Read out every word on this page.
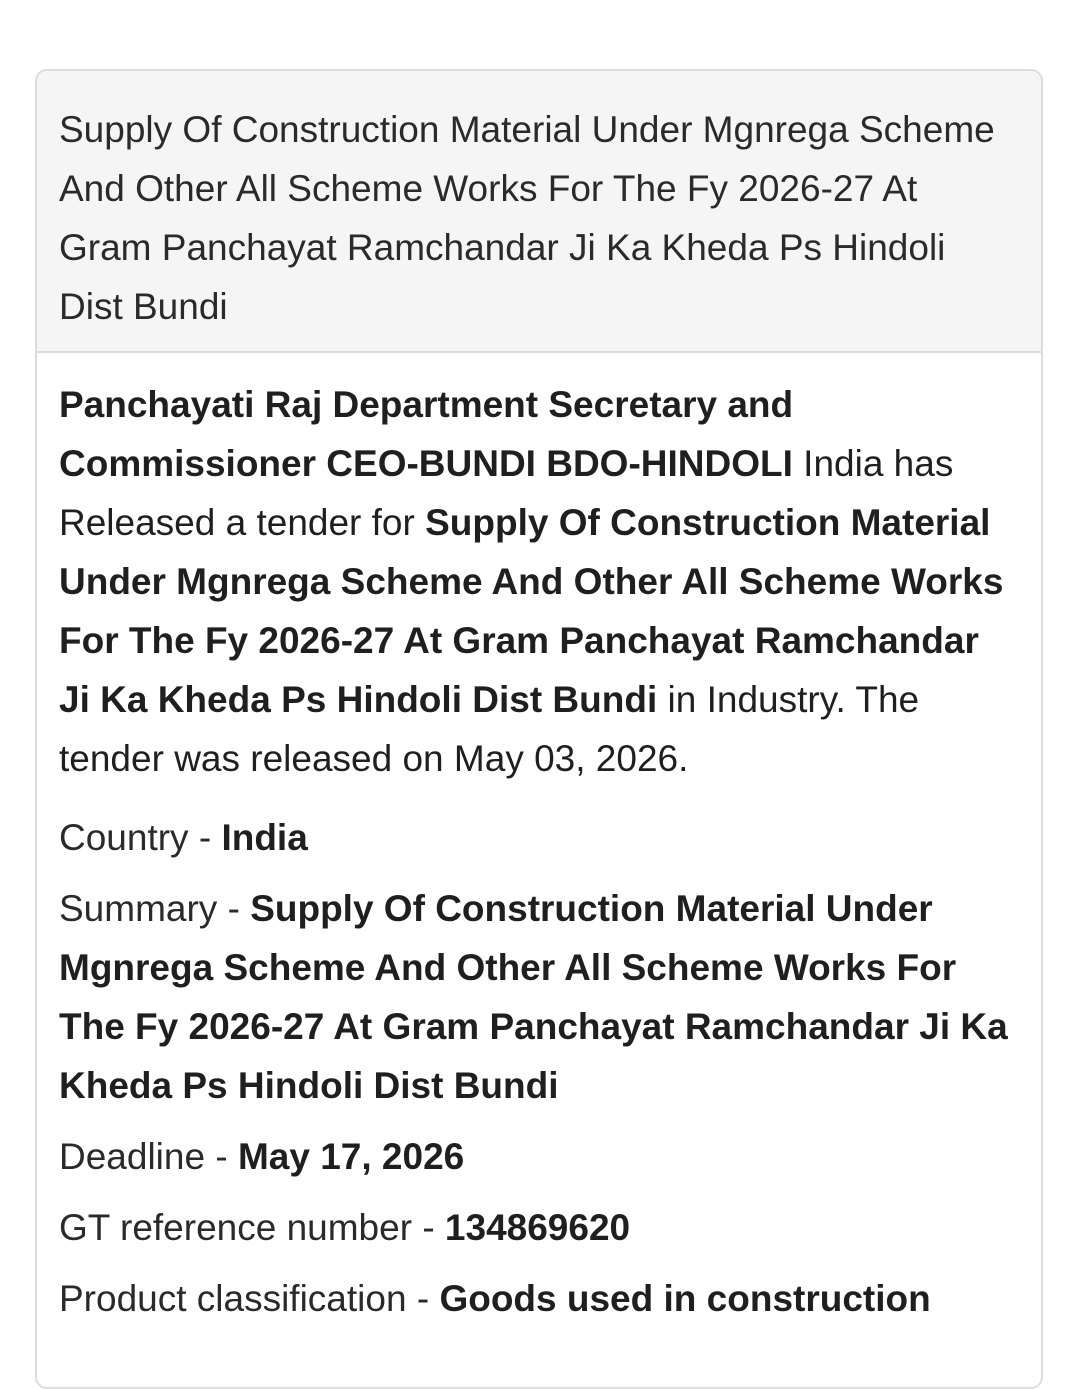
Supply Of Construction Material Under Mgnrega Scheme And Other All Scheme Works For The Fy 2026-27 At Gram Panchayat Ramchandar Ji Ka Kheda Ps Hindoli Dist Bundi

Panchayati Raj Department Secretary and Commissioner CEO-BUNDI BDO-HINDOLI India has Released a tender for Supply Of Construction Material Under Mgnrega Scheme And Other All Scheme Works For The Fy 2026-27 At Gram Panchayat Ramchandar Ji Ka Kheda Ps Hindoli Dist Bundi in Industry. The tender was released on May 03, 2026.

Country - India
Summary - Supply Of Construction Material Under Mgnrega Scheme And Other All Scheme Works For The Fy 2026-27 At Gram Panchayat Ramchandar Ji Ka Kheda Ps Hindoli Dist Bundi
Deadline - May 17, 2026
GT reference number - 134869620
Product classification - Goods used in construction
